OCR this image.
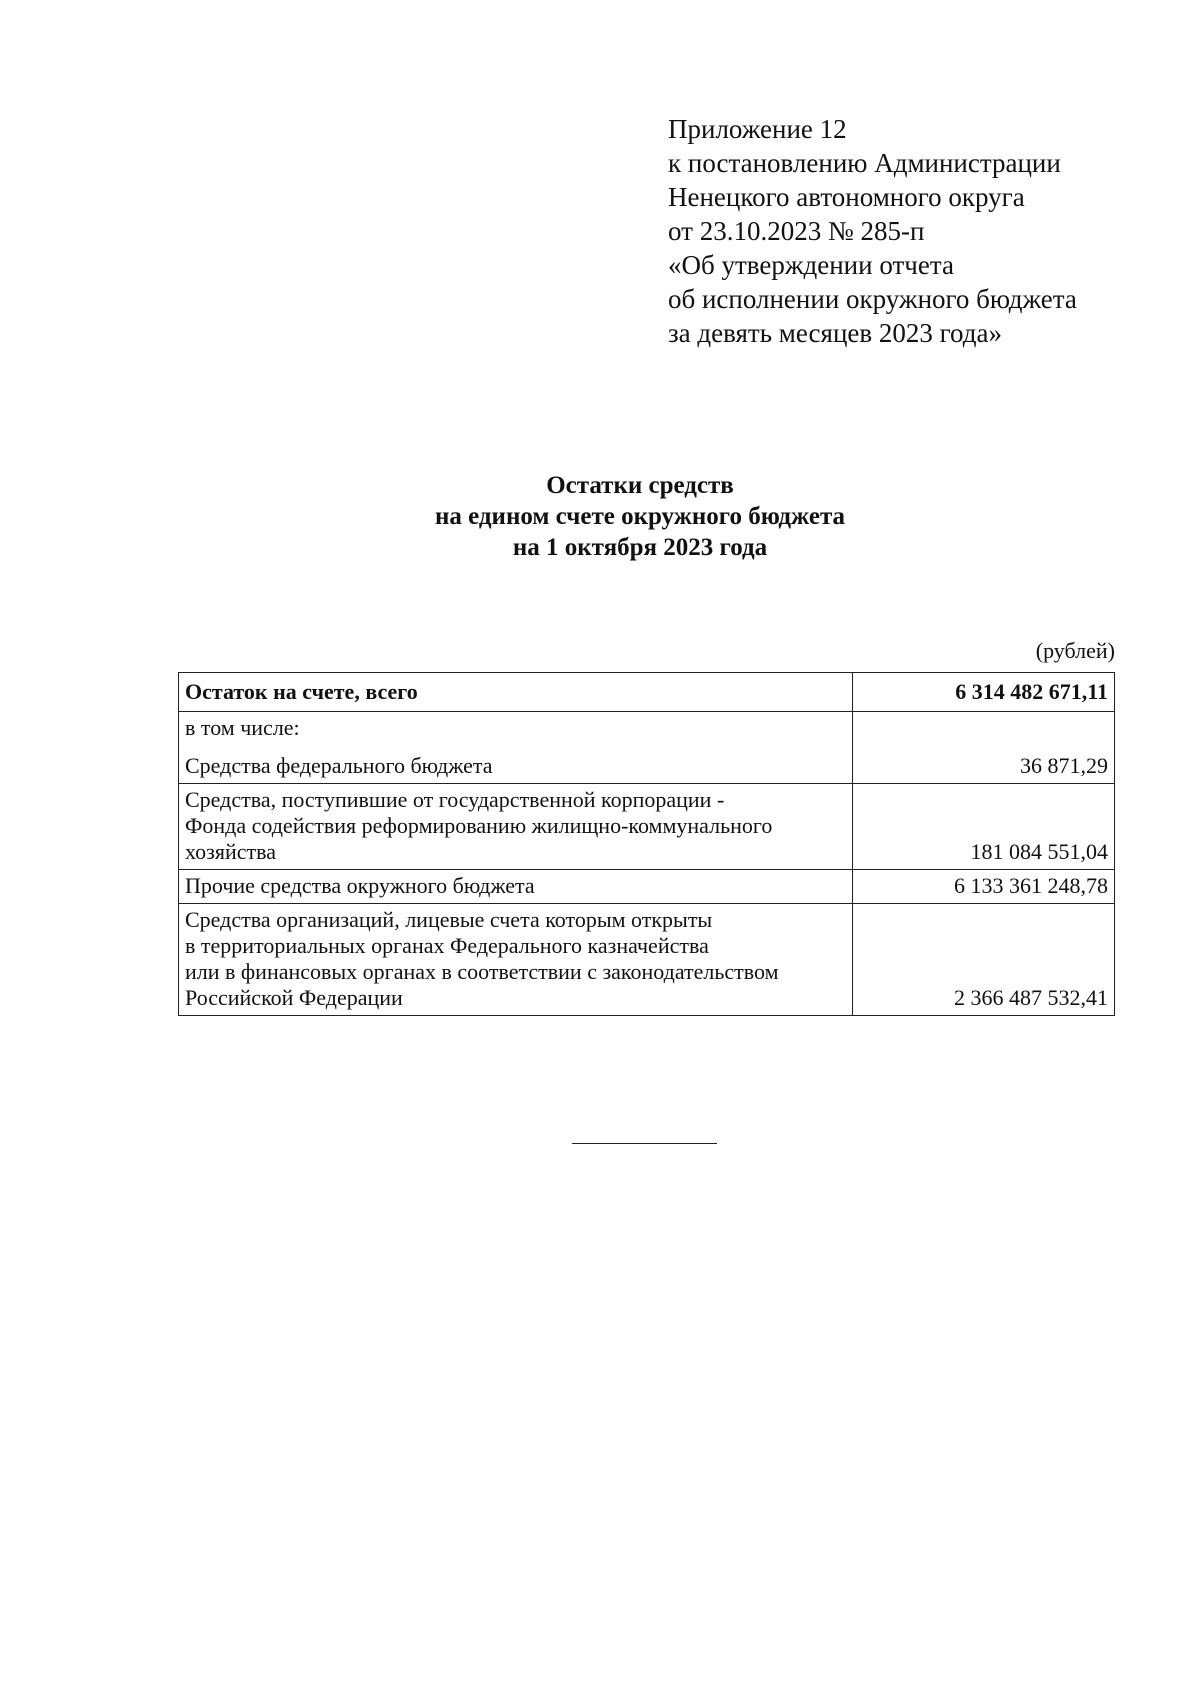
Приложение 12
к постановлению Администрации
Ненецкого автономного округа
от 23.10.2023 № 285-п
«Об утверждении отчета
об исполнении окружного бюджета
за девять месяцев 2023 года»
Остатки средств
на едином счете окружного бюджета
на 1 октября 2023 года
(рублей)
Остаток на счете, всего	6 314 482 671,11

в том числе:
Средства федерального бюджета	36 871,29

Средства, поступившие от государственной корпорации -
Фонда содействия реформированию жилищно-коммунального
хозяйства	181 084 551,04
Прочие средства окружного бюджета	6 133 361 248,78

Средства организаций, лицевые счета которым открыты
в территориальных органах Федерального казначейства
или в финансовых органах в соответствии с законодательством
Российской Федерации	2 366 487 532,41
